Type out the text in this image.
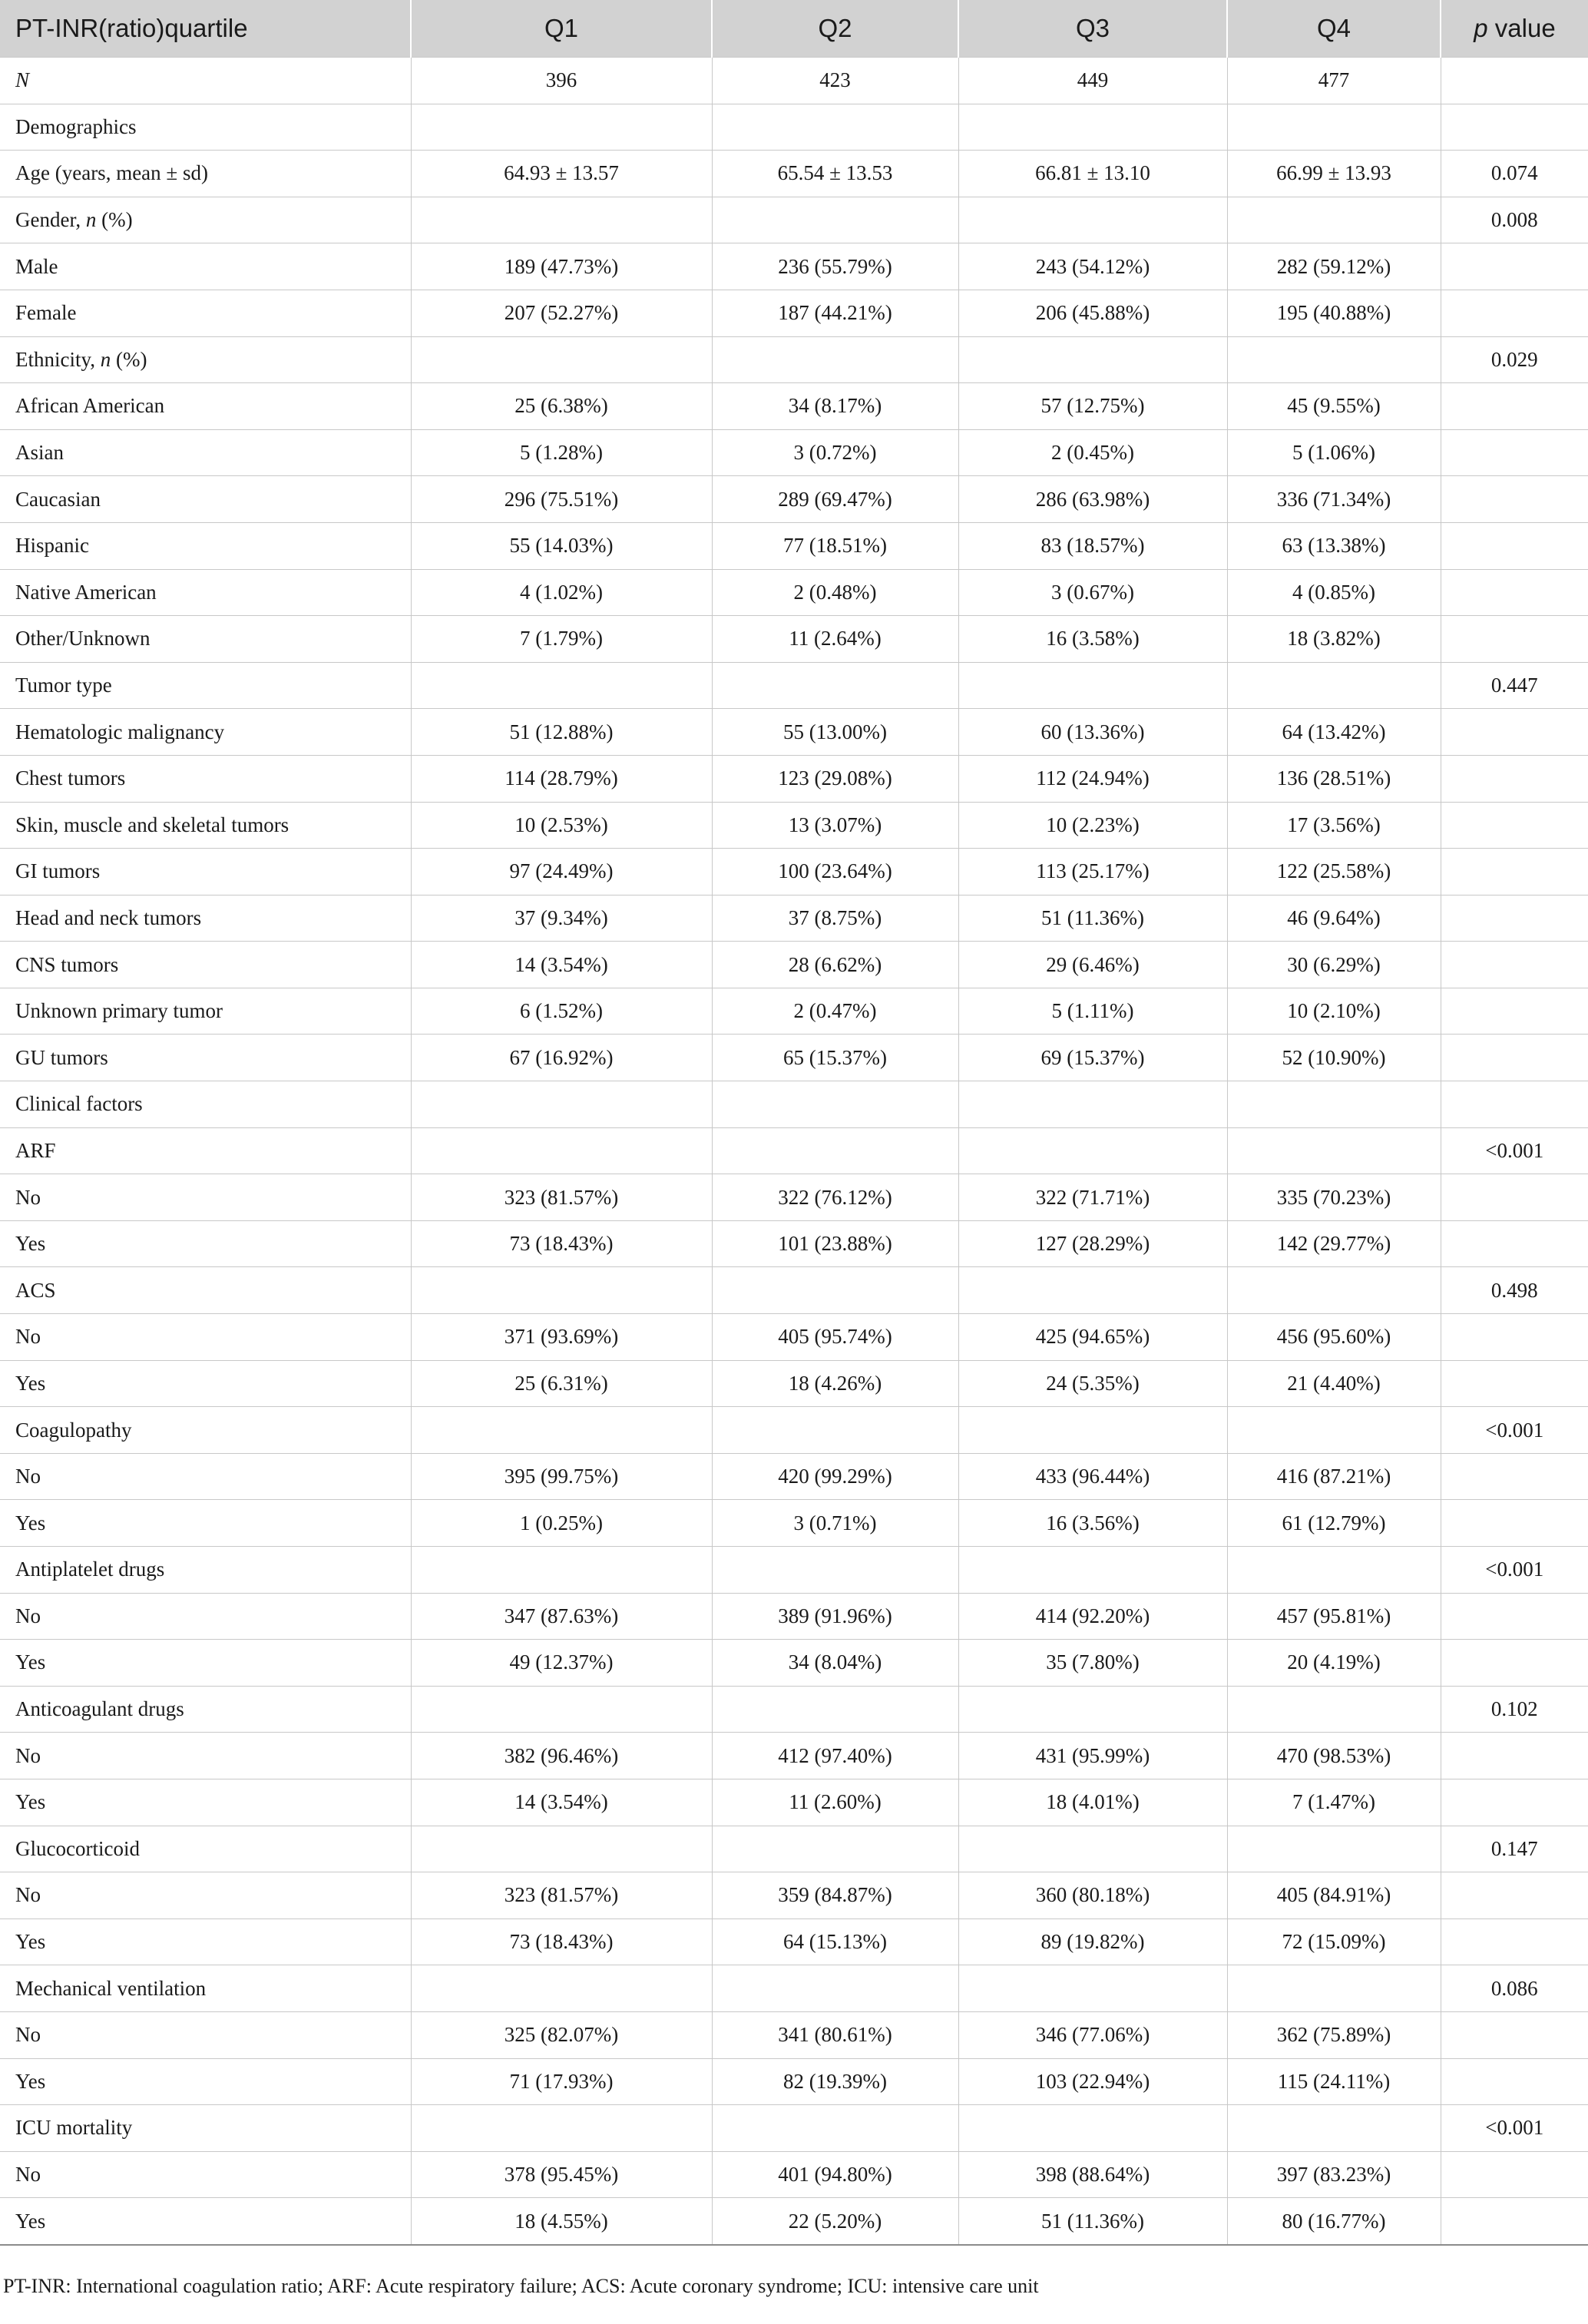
PT-INR(ratio)quartile	Q1	Q2	Q3	Q4	p value
N	396	423	449	477	
Demographics					
Age (years, mean ± sd)	64.93 ± 13.57	65.54 ± 13.53	66.81 ± 13.10	66.99 ± 13.93	0.074
Gender, n (%)					0.008
Male	189 (47.73%)	236 (55.79%)	243 (54.12%)	282 (59.12%)	
Female	207 (52.27%)	187 (44.21%)	206 (45.88%)	195 (40.88%)	
Ethnicity, n (%)					0.029
African American	25 (6.38%)	34 (8.17%)	57 (12.75%)	45 (9.55%)	
Asian	5 (1.28%)	3 (0.72%)	2 (0.45%)	5 (1.06%)	
Caucasian	296 (75.51%)	289 (69.47%)	286 (63.98%)	336 (71.34%)	
Hispanic	55 (14.03%)	77 (18.51%)	83 (18.57%)	63 (13.38%)	
Native American	4 (1.02%)	2 (0.48%)	3 (0.67%)	4 (0.85%)	
Other/Unknown	7 (1.79%)	11 (2.64%)	16 (3.58%)	18 (3.82%)	
Tumor type					0.447
Hematologic malignancy	51 (12.88%)	55 (13.00%)	60 (13.36%)	64 (13.42%)	
Chest tumors	114 (28.79%)	123 (29.08%)	112 (24.94%)	136 (28.51%)	
Skin, muscle and skeletal tumors	10 (2.53%)	13 (3.07%)	10 (2.23%)	17 (3.56%)	
GI tumors	97 (24.49%)	100 (23.64%)	113 (25.17%)	122 (25.58%)	
Head and neck tumors	37 (9.34%)	37 (8.75%)	51 (11.36%)	46 (9.64%)	
CNS tumors	14 (3.54%)	28 (6.62%)	29 (6.46%)	30 (6.29%)	
Unknown primary tumor	6 (1.52%)	2 (0.47%)	5 (1.11%)	10 (2.10%)	
GU tumors	67 (16.92%)	65 (15.37%)	69 (15.37%)	52 (10.90%)	
Clinical factors					
ARF					<0.001
No	323 (81.57%)	322 (76.12%)	322 (71.71%)	335 (70.23%)	
Yes	73 (18.43%)	101 (23.88%)	127 (28.29%)	142 (29.77%)	
ACS					0.498
No	371 (93.69%)	405 (95.74%)	425 (94.65%)	456 (95.60%)	
Yes	25 (6.31%)	18 (4.26%)	24 (5.35%)	21 (4.40%)	
Coagulopathy					<0.001
No	395 (99.75%)	420 (99.29%)	433 (96.44%)	416 (87.21%)	
Yes	1 (0.25%)	3 (0.71%)	16 (3.56%)	61 (12.79%)	
Antiplatelet drugs					<0.001
No	347 (87.63%)	389 (91.96%)	414 (92.20%)	457 (95.81%)	
Yes	49 (12.37%)	34 (8.04%)	35 (7.80%)	20 (4.19%)	
Anticoagulant drugs					0.102
No	382 (96.46%)	412 (97.40%)	431 (95.99%)	470 (98.53%)	
Yes	14 (3.54%)	11 (2.60%)	18 (4.01%)	7 (1.47%)	
Glucocorticoid					0.147
No	323 (81.57%)	359 (84.87%)	360 (80.18%)	405 (84.91%)	
Yes	73 (18.43%)	64 (15.13%)	89 (19.82%)	72 (15.09%)	
Mechanical ventilation					0.086
No	325 (82.07%)	341 (80.61%)	346 (77.06%)	362 (75.89%)	
Yes	71 (17.93%)	82 (19.39%)	103 (22.94%)	115 (24.11%)	
ICU mortality					<0.001
No	378 (95.45%)	401 (94.80%)	398 (88.64%)	397 (83.23%)	
Yes	18 (4.55%)	22 (5.20%)	51 (11.36%)	80 (16.77%)	
PT-INR: International coagulation ratio; ARF: Acute respiratory failure; ACS: Acute coronary syndrome; ICU: intensive care unit
